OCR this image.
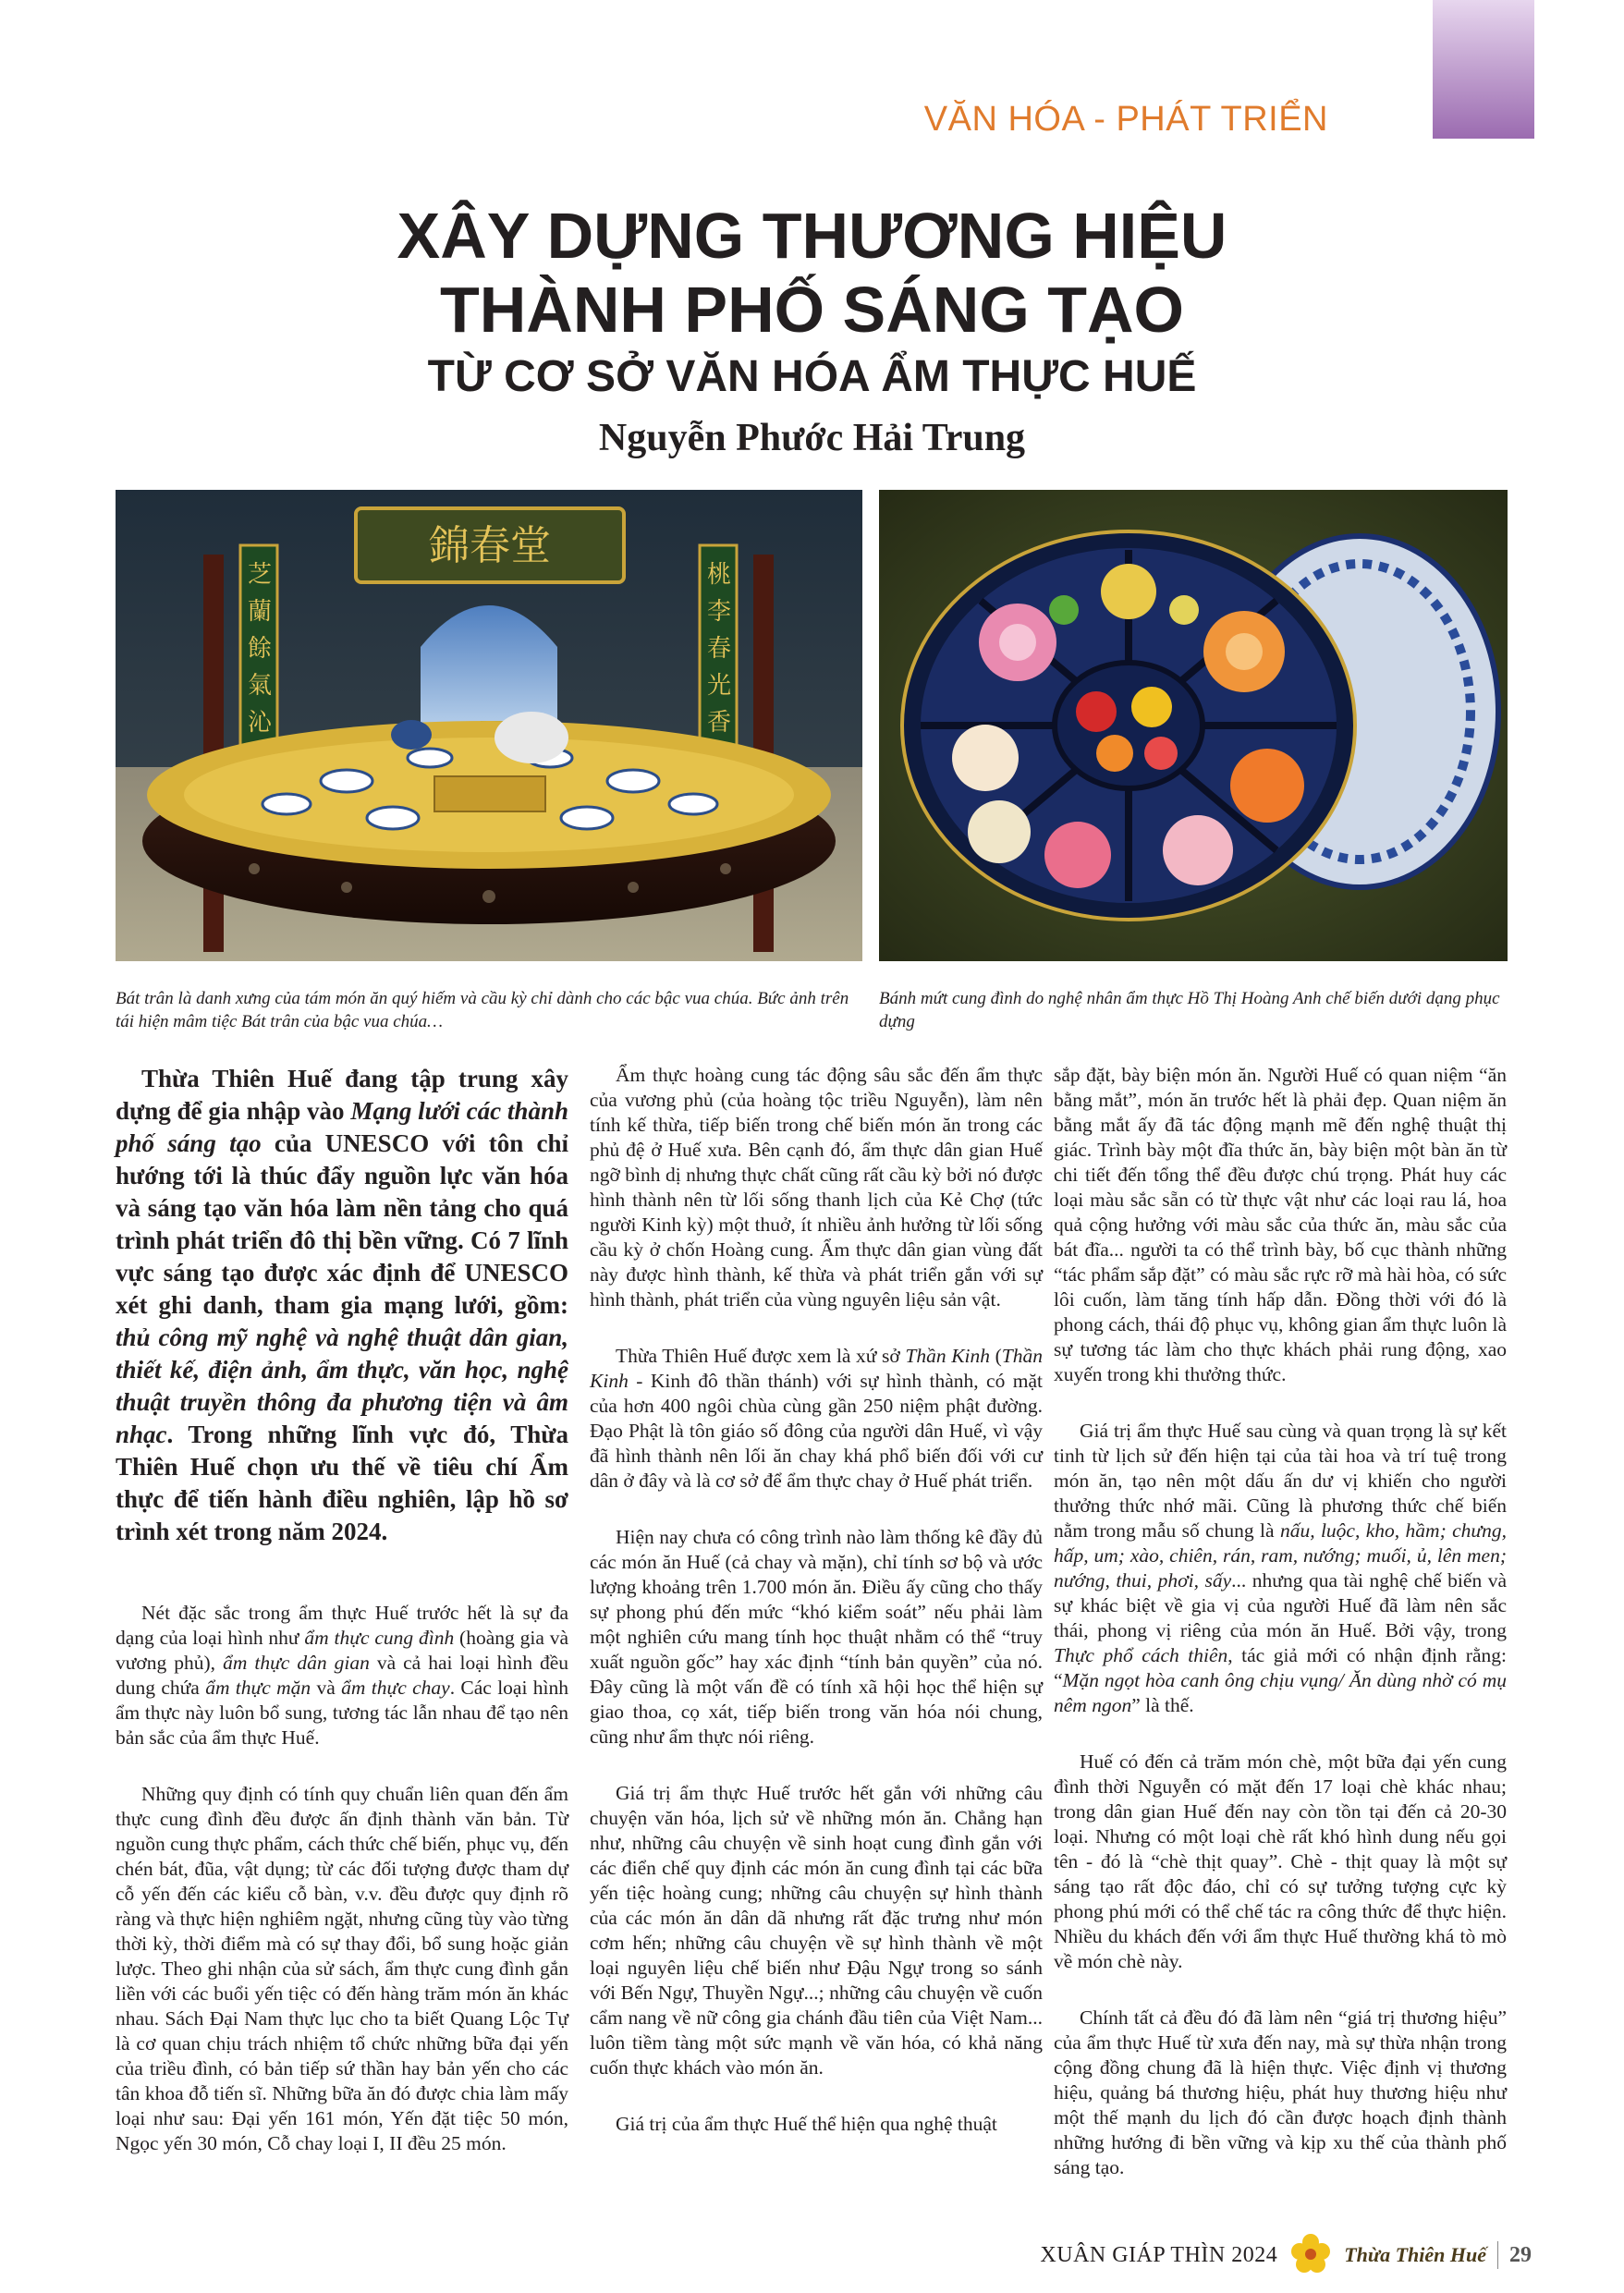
VĂN HÓA - PHÁT TRIỂN
XÂY DỰNG THƯƠNG HIỆU
THÀNH PHỐ SÁNG TẠO
TỪ CƠ SỞ VĂN HÓA ẨM THỰC HUẾ
Nguyễn Phước Hải Trung
錦春堂
芝蘭餘氣沁
桃李春光香
Bát trân là danh xưng của tám món ăn quý hiếm và cầu kỳ chỉ dành cho các bậc vua chúa. Bức ảnh trên tái hiện mâm tiệc Bát trân của bậc vua chúa…
Bánh mứt cung đình do nghệ nhân ẩm thực Hồ Thị Hoàng Anh chế biến dưới dạng phục dựng

Thừa Thiên Huế đang tập trung xây dựng để gia nhập vào Mạng lưới các thành phố sáng tạo của UNESCO với tôn chỉ hướng tới là thúc đẩy nguồn lực văn hóa và sáng tạo văn hóa làm nền tảng cho quá trình phát triển đô thị bền vững. Có 7 lĩnh vực sáng tạo được xác định để UNESCO xét ghi danh, tham gia mạng lưới, gồm: thủ công mỹ nghệ và nghệ thuật dân gian, thiết kế, điện ảnh, ẩm thực, văn học, nghệ thuật truyền thông đa phương tiện và âm nhạc. Trong những lĩnh vực đó, Thừa Thiên Huế chọn ưu thế về tiêu chí Ẩm thực để tiến hành điều nghiên, lập hồ sơ trình xét trong năm 2024.

Nét đặc sắc trong ẩm thực Huế trước hết là sự đa dạng của loại hình như ẩm thực cung đình (hoàng gia và vương phủ), ẩm thực dân gian và cả hai loại hình đều dung chứa ẩm thực mặn và ẩm thực chay. Các loại hình ẩm thực này luôn bổ sung, tương tác lẫn nhau để tạo nên bản sắc của ẩm thực Huế.

Những quy định có tính quy chuẩn liên quan đến ẩm thực cung đình đều được ấn định thành văn bản. Từ nguồn cung thực phẩm, cách thức chế biến, phục vụ, đến chén bát, đũa, vật dụng; từ các đối tượng được tham dự cỗ yến đến các kiểu cỗ bàn, v.v. đều được quy định rõ ràng và thực hiện nghiêm ngặt, nhưng cũng tùy vào từng thời kỳ, thời điểm mà có sự thay đổi, bổ sung hoặc giản lược. Theo ghi nhận của sử sách, ẩm thực cung đình gắn liền với các buổi yến tiệc có đến hàng trăm món ăn khác nhau. Sách Đại Nam thực lục cho ta biết Quang Lộc Tự là cơ quan chịu trách nhiệm tổ chức những bữa đại yến của triều đình, có bản tiếp sứ thần hay bản yến cho các tân khoa đỗ tiến sĩ. Những bữa ăn đó được chia làm mấy loại như sau: Đại yến 161 món, Yến đặt tiệc 50 món, Ngọc yến 30 món, Cỗ chay loại I, II đều 25 món.

Ẩm thực hoàng cung tác động sâu sắc đến ẩm thực của vương phủ (của hoàng tộc triều Nguyễn), làm nên tính kế thừa, tiếp biến trong chế biến món ăn trong các phủ đệ ở Huế xưa. Bên cạnh đó, ẩm thực dân gian Huế ngỡ bình dị nhưng thực chất cũng rất cầu kỳ bởi nó được hình thành nên từ lối sống thanh lịch của Kẻ Chợ (tức người Kinh kỳ) một thuở, ít nhiều ảnh hưởng từ lối sống cầu kỳ ở chốn Hoàng cung. Ẩm thực dân gian vùng đất này được hình thành, kế thừa và phát triển gắn với sự hình thành, phát triển của vùng nguyên liệu sản vật.

Thừa Thiên Huế được xem là xứ sở Thần Kinh (Thần Kinh - Kinh đô thần thánh) với sự hình thành, có mặt của hơn 400 ngôi chùa cùng gần 250 niệm phật đường. Đạo Phật là tôn giáo số đông của người dân Huế, vì vậy đã hình thành nên lối ăn chay khá phổ biến đối với cư dân ở đây và là cơ sở để ẩm thực chay ở Huế phát triển.

Hiện nay chưa có công trình nào làm thống kê đầy đủ các món ăn Huế (cả chay và mặn), chỉ tính sơ bộ và ước lượng khoảng trên 1.700 món ăn. Điều ấy cũng cho thấy sự phong phú đến mức “khó kiểm soát” nếu phải làm một nghiên cứu mang tính học thuật nhằm có thể “truy xuất nguồn gốc” hay xác định “tính bản quyền” của nó. Đây cũng là một vấn đề có tính xã hội học thể hiện sự giao thoa, cọ xát, tiếp biến trong văn hóa nói chung, cũng như ẩm thực nói riêng.

Giá trị ẩm thực Huế trước hết gắn với những câu chuyện văn hóa, lịch sử về những món ăn. Chẳng hạn như, những câu chuyện về sinh hoạt cung đình gắn với các điển chế quy định các món ăn cung đình tại các bữa yến tiệc hoàng cung; những câu chuyện sự hình thành của các món ăn dân dã nhưng rất đặc trưng như món cơm hến; những câu chuyện về sự hình thành về một loại nguyên liệu chế biến như Đậu Ngự trong so sánh với Bến Ngự, Thuyền Ngự...; những câu chuyện về cuốn cẩm nang về nữ công gia chánh đầu tiên của Việt Nam... luôn tiềm tàng một sức mạnh về văn hóa, có khả năng cuốn thực khách vào món ăn.

Giá trị của ẩm thực Huế thể hiện qua nghệ thuật

sắp đặt, bày biện món ăn. Người Huế có quan niệm “ăn bằng mắt”, món ăn trước hết là phải đẹp. Quan niệm ăn bằng mắt ấy đã tác động mạnh mẽ đến nghệ thuật thị giác. Trình bày một đĩa thức ăn, bày biện một bàn ăn từ chi tiết đến tổng thể đều được chú trọng. Phát huy các loại màu sắc sẵn có từ thực vật như các loại rau lá, hoa quả cộng hưởng với màu sắc của thức ăn, màu sắc của bát đĩa... người ta có thể trình bày, bố cục thành những “tác phẩm sắp đặt” có màu sắc rực rỡ mà hài hòa, có sức lôi cuốn, làm tăng tính hấp dẫn. Đồng thời với đó là phong cách, thái độ phục vụ, không gian ẩm thực luôn là sự tương tác làm cho thực khách phải rung động, xao xuyến trong khi thưởng thức.

Giá trị ẩm thực Huế sau cùng và quan trọng là sự kết tinh từ lịch sử đến hiện tại của tài hoa và trí tuệ trong món ăn, tạo nên một dấu ấn dư vị khiến cho người thưởng thức nhớ mãi. Cũng là phương thức chế biến nằm trong mẫu số chung là nấu, luộc, kho, hầm; chưng, hấp, um; xào, chiên, rán, ram, nướng; muối, ủ, lên men; nướng, thui, phơi, sấy... nhưng qua tài nghệ chế biến và sự khác biệt về gia vị của người Huế đã làm nên sắc thái, phong vị riêng của món ăn Huế. Bởi vậy, trong Thực phổ cách thiên, tác giả mới có nhận định rằng: “Mặn ngọt hòa canh ông chịu vụng/ Ăn dùng nhờ có mụ nêm ngon” là thế.

Huế có đến cả trăm món chè, một bữa đại yến cung đình thời Nguyễn có mặt đến 17 loại chè khác nhau; trong dân gian Huế đến nay còn tồn tại đến cả 20-30 loại. Nhưng có một loại chè rất khó hình dung nếu gọi tên - đó là “chè thịt quay”. Chè - thịt quay là một sự sáng tạo rất độc đáo, chỉ có sự tưởng tượng cực kỳ phong phú mới có thể chế tác ra công thức để thực hiện. Nhiều du khách đến với ẩm thực Huế thường khá tò mò về món chè này.

Chính tất cả đều đó đã làm nên “giá trị thương hiệu” của ẩm thực Huế từ xưa đến nay, mà sự thừa nhận trong cộng đồng chung đã là hiện thực. Việc định vị thương hiệu, quảng bá thương hiệu, phát huy thương hiệu như một thế mạnh du lịch đó cần được hoạch định thành những hướng đi bền vững và kịp xu thế của thành phố sáng tạo.

XUÂN GIÁP THÌN 2024	Thừa Thiên Huế 29
